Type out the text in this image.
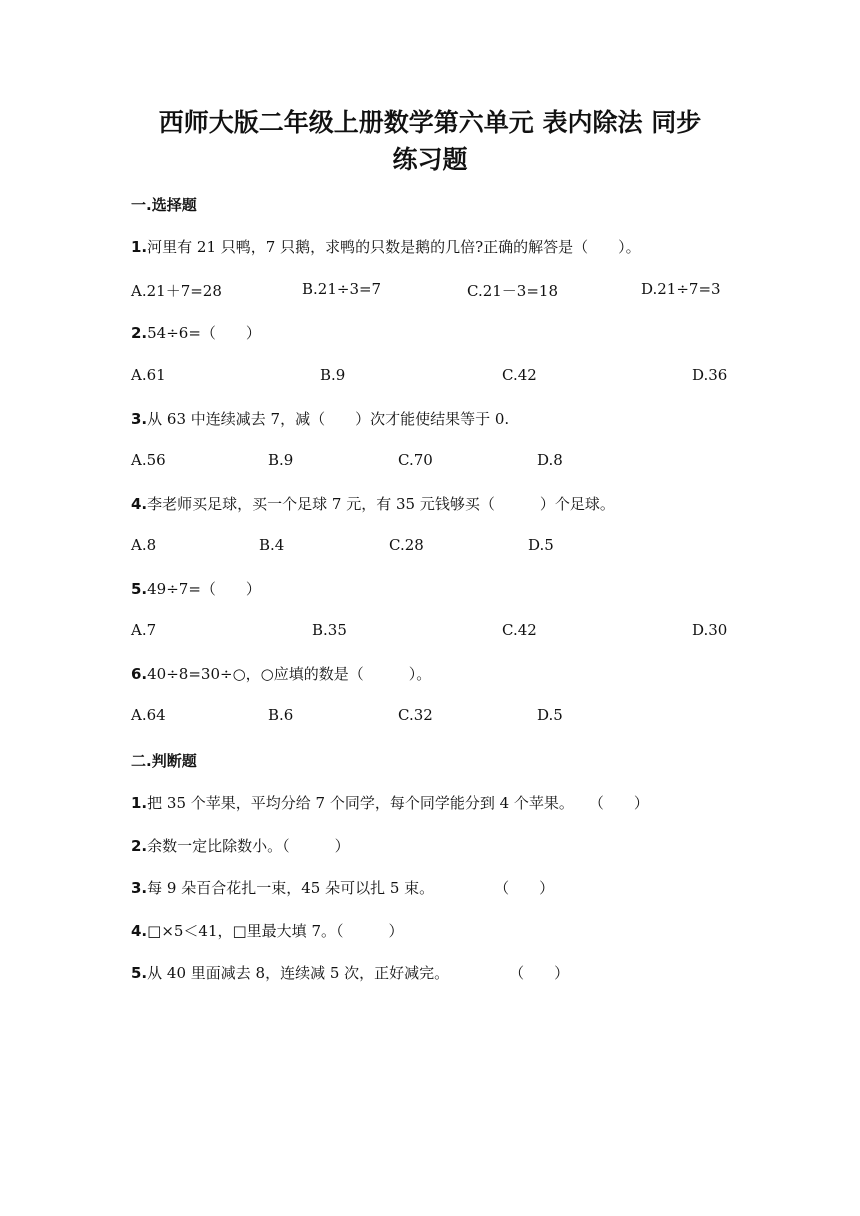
西师大版二年级上册数学第六单元 表内除法 同步
练习题
一.选择题
1.河里有 21 只鸭，7 只鹅，求鸭的只数是鹅的几倍?正确的解答是（　　）。
A.21＋7=28	B.21÷3=7	C.21－3=18	D.21÷7=3
2.54÷6=（　　）
A.61	B.9	C.42	D.36
3.从 63 中连续减去 7，减（　　）次才能使结果等于 0.
A.56	B.9	C.70	D.8
4.李老师买足球，买一个足球 7 元，有 35 元钱够买（　　　）个足球。
A.8	B.4	C.28	D.5
5.49÷7=（　　）
A.7	B.35	C.42	D.30
6.40÷8=30÷○，○应填的数是（　　　）。
A.64	B.6	C.32	D.5
二.判断题
1.把 35 个苹果，平均分给 7 个同学，每个同学能分到 4 个苹果。　　（　　）
2.余数一定比除数小。（　　　）
3.每 9 朵百合花扎一束，45 朵可以扎 5 束。　　　　　（　　）
4.□×5＜41，□里最大填 7。（　　　）
5.从 40 里面减去 8，连续减 5 次，正好减完。　　　　　（　　）
